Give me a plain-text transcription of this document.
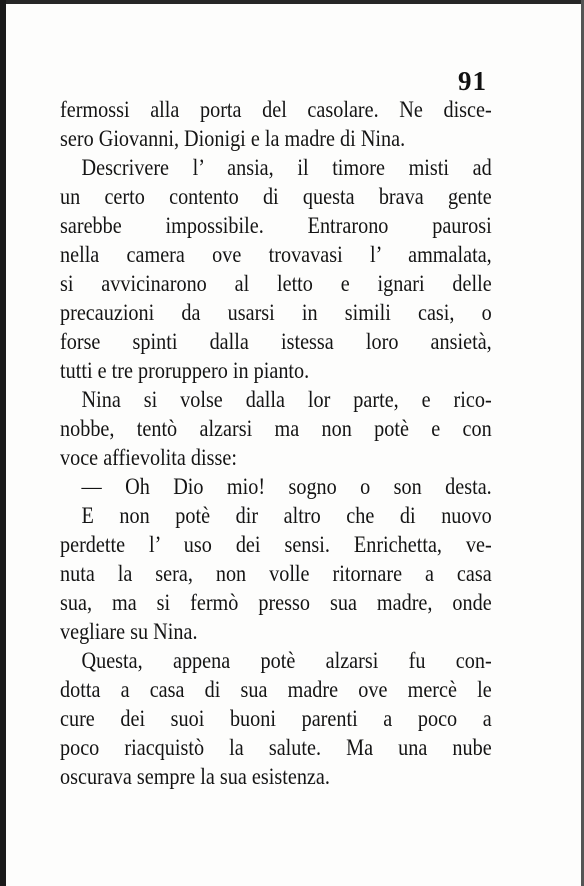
91
fermossi alla porta del casolare. Ne disce-
sero Giovanni, Dionigi e la madre di Nina.
Descrivere l’ ansia, il timore misti ad
un certo contento di questa brava gente
sarebbe impossibile. Entrarono paurosi
nella camera ove trovavasi l’ ammalata,
si avvicinarono al letto e ignari delle
precauzioni da usarsi in simili casi, o
forse spinti dalla istessa loro ansietà,
tutti e tre proruppero in pianto.
Nina si volse dalla lor parte, e rico-
nobbe, tentò alzarsi ma non potè e con
voce affievolita disse:
— Oh Dio mio! sogno o son desta.
E non potè dir altro che di nuovo
perdette l’ uso dei sensi. Enrichetta, ve-
nuta la sera, non volle ritornare a casa
sua, ma si fermò presso sua madre, onde
vegliare su Nina.
Questa, appena potè alzarsi fu con-
dotta a casa di sua madre ove mercè le
cure dei suoi buoni parenti a poco a
poco riacquistò la salute. Ma una nube
oscurava sempre la sua esistenza.
